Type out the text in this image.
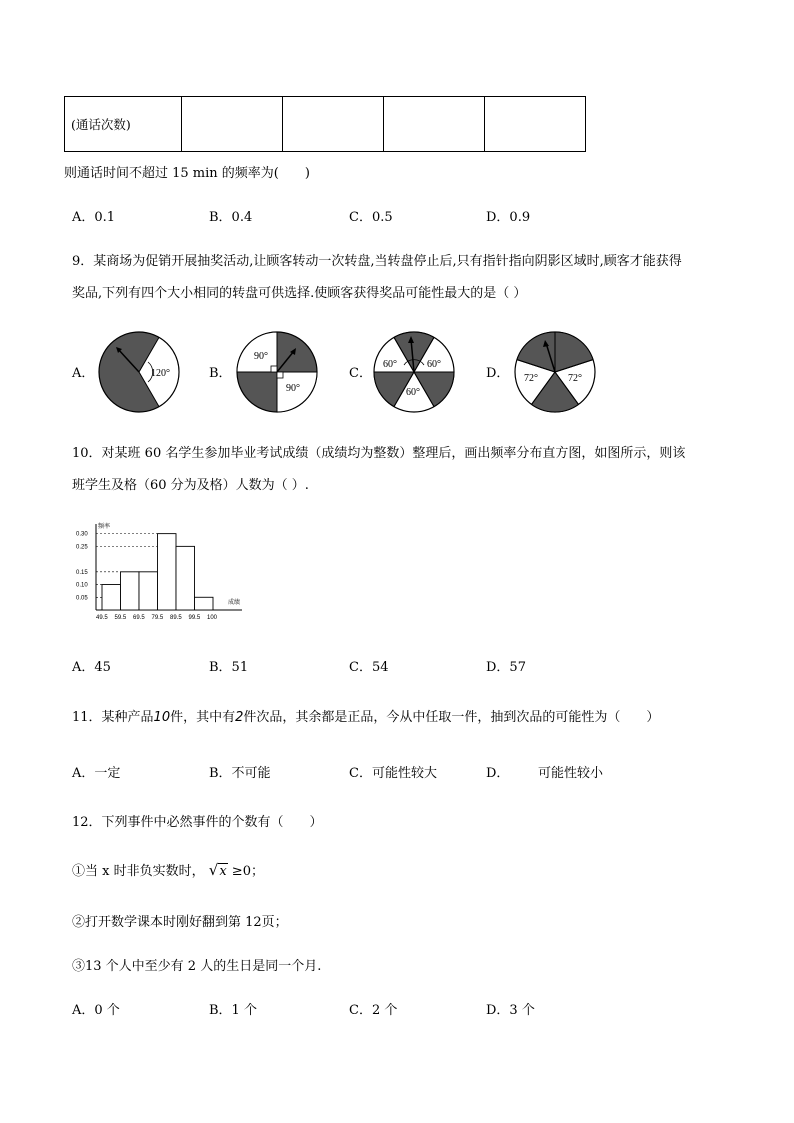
(通话次数)				
则通话时间不超过 15 min 的频率为(　　)
A．0.1	B．0.4	C．0.5	D．0.9
9．某商场为促销开展抽奖活动,让顾客转动一次转盘,当转盘停止后,只有指针指向阴影区域时,顾客才能获得
奖品,下列有四个大小相同的转盘可供选择.使顾客获得奖品可能性最大的是（ ）
A．	B．	C．	D．
120°
90°
90°
60°	60°
60°
72°	72°
10．对某班 60 名学生参加毕业考试成绩（成绩均为整数）整理后，画出频率分布直方图，如图所示，则该
班学生及格（60 分为及格）人数为（ ）.
频率
成绩
0.30
0.25
0.15
0.10
0.05
49.5 59.5 69.5 79.5 89.5 99.5 100
A．45	B．51	C．54	D．57
11．某种产品10件，其中有2件次品，其余都是正品，今从中任取一件，抽到次品的可能性为（　　）
A．一定	B．不可能	C．可能性较大	D． 可能性较小
12．下列事件中必然事件的个数有（　　）
①当 x 时非负实数时， √x ≥0；
②打开数学课本时刚好翻到第 12页；
③13 个人中至少有 2 人的生日是同一个月.
A．0 个	B．1 个	C．2 个	D．3 个
